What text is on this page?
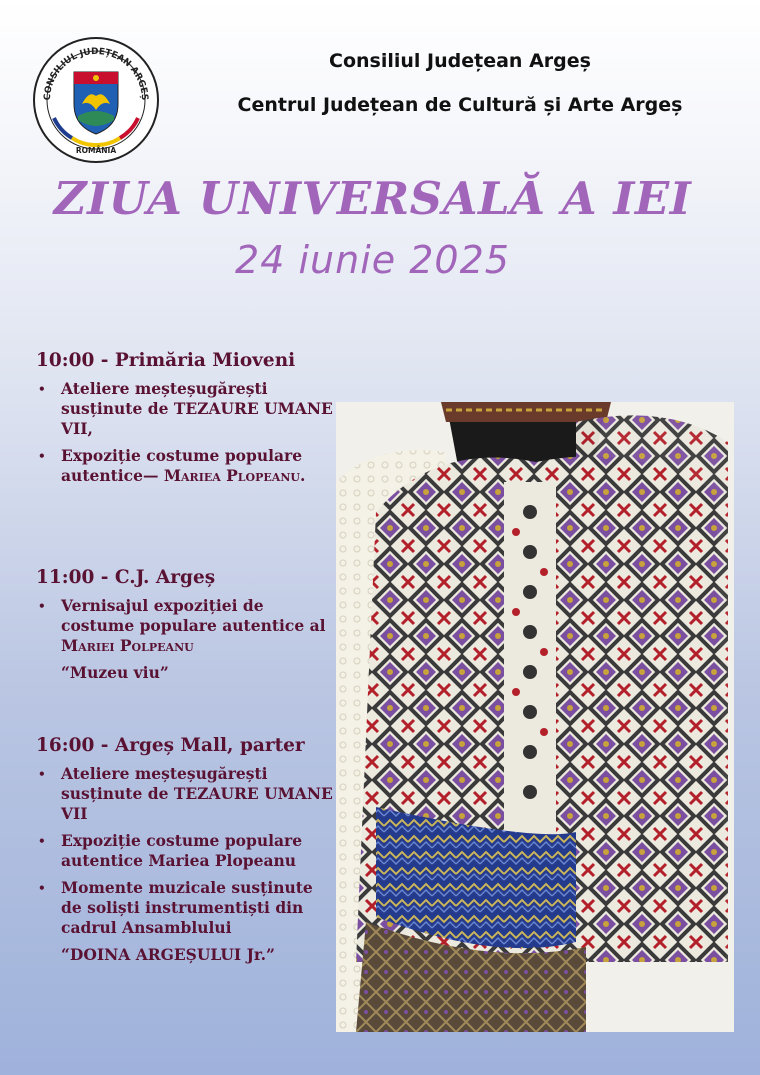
CONSILIUL JUDEȚEAN ARGEȘ
ROMÂNIA
Consiliul Județean Argeș
Centrul Județean de Cultură și Arte Argeș
ZIUA UNIVERSALĂ A IEI
24 iunie 2025
10:00 - Primăria Mioveni
• Ateliere meșteșugărești susținute de TEZAURE UMANE VII,
• Expoziție costume populare autentice— Mariea Plopeanu.
11:00 - C.J. Argeș
• Vernisajul expoziției de costume populare autentice al Mariei Polpeanu
“Muzeu viu”
16:00 - Argeș Mall, parter
• Ateliere meșteșugărești susținute de TEZAURE UMANE VII
• Expoziție costume populare autentice Mariea Plopeanu
• Momente muzicale susținute de soliști instrumentiști din cadrul Ansamblului
“DOINA ARGEȘULUI Jr.”
